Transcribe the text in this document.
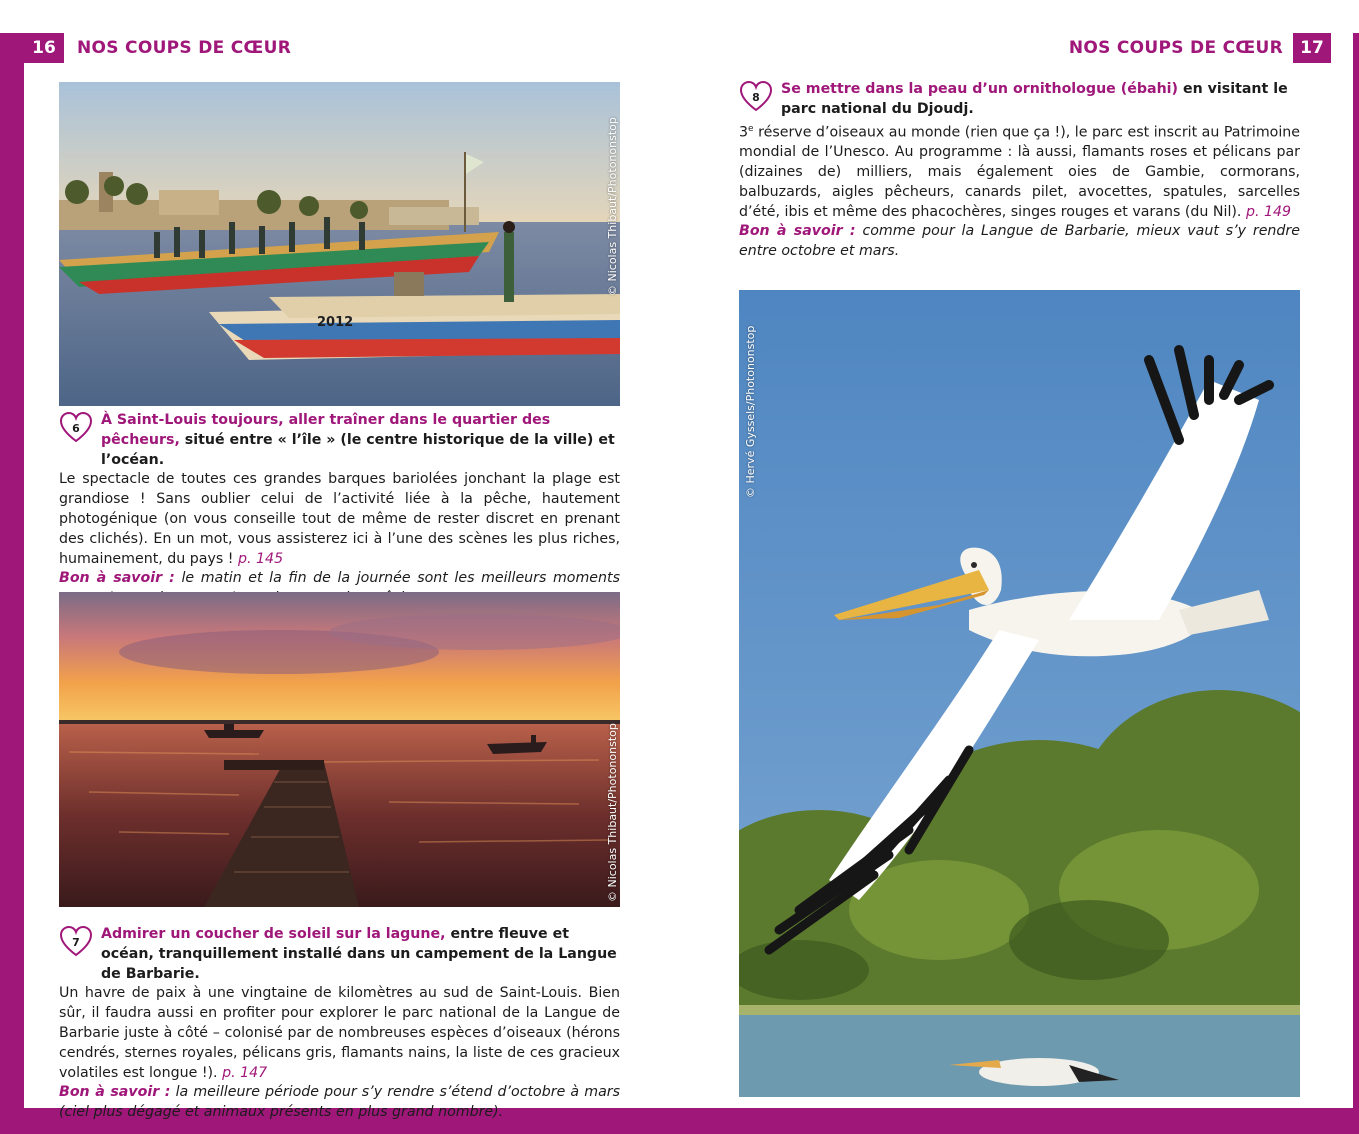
16	NOS COUPS DE CŒUR	NOS COUPS DE CŒUR	17
2012
© Nicolas Thibaut/Photononstop
6
À Saint-Louis toujours, aller traîner dans le quartier des pêcheurs, situé entre « l’île » (le centre historique de la ville) et l’océan.
Le spectacle de toutes ces grandes barques bariolées jonchant la plage est grandiose ! Sans oublier celui de l’activité liée à la pêche, hautement photogénique (on vous conseille tout de même de rester discret en prenant des clichés). En un mot, vous assisterez ici à l’une des scènes les plus riches, humainement, du pays ! p. 145
Bon à savoir : le matin et la fin de la journée sont les meilleurs moments
© Nicolas Thibaut/Photononstop
7
Admirer un coucher de soleil sur la lagune, entre fleuve et océan, tranquillement installé dans un campement de la Langue de Barbarie.
Un havre de paix à une vingtaine de kilomètres au sud de Saint-Louis. Bien sûr, il faudra aussi en profiter pour explorer le parc national de la Langue de Barbarie juste à côté – colonisé par de nombreuses espèces d’oiseaux (hérons cendrés, sternes royales, pélicans gris, flamants nains, la liste de ces gracieux volatiles est longue !). p. 147
Bon à savoir : la meilleure période pour s’y rendre s’étend d’octobre à mars (ciel plus dégagé et animaux présents en plus grand nombre).
8
Se mettre dans la peau d’un ornithologue (ébahi) en visitant le parc national du Djoudj.
3e réserve d’oiseaux au monde (rien que ça !), le parc est inscrit au Patrimoine mondial de l’Unesco. Au programme : là aussi, flamants roses et pélicans par (dizaines de) milliers, mais également oies de Gambie, cormorans, balbuzards, aigles pêcheurs, canards pilet, avocettes, spatules, sarcelles d’été, ibis et même des phacochères, singes rouges et varans (du Nil). p. 149
Bon à savoir : comme pour la Langue de Barbarie, mieux vaut s’y rendre entre octobre et mars.
© Hervé Gyssels/Photononstop
